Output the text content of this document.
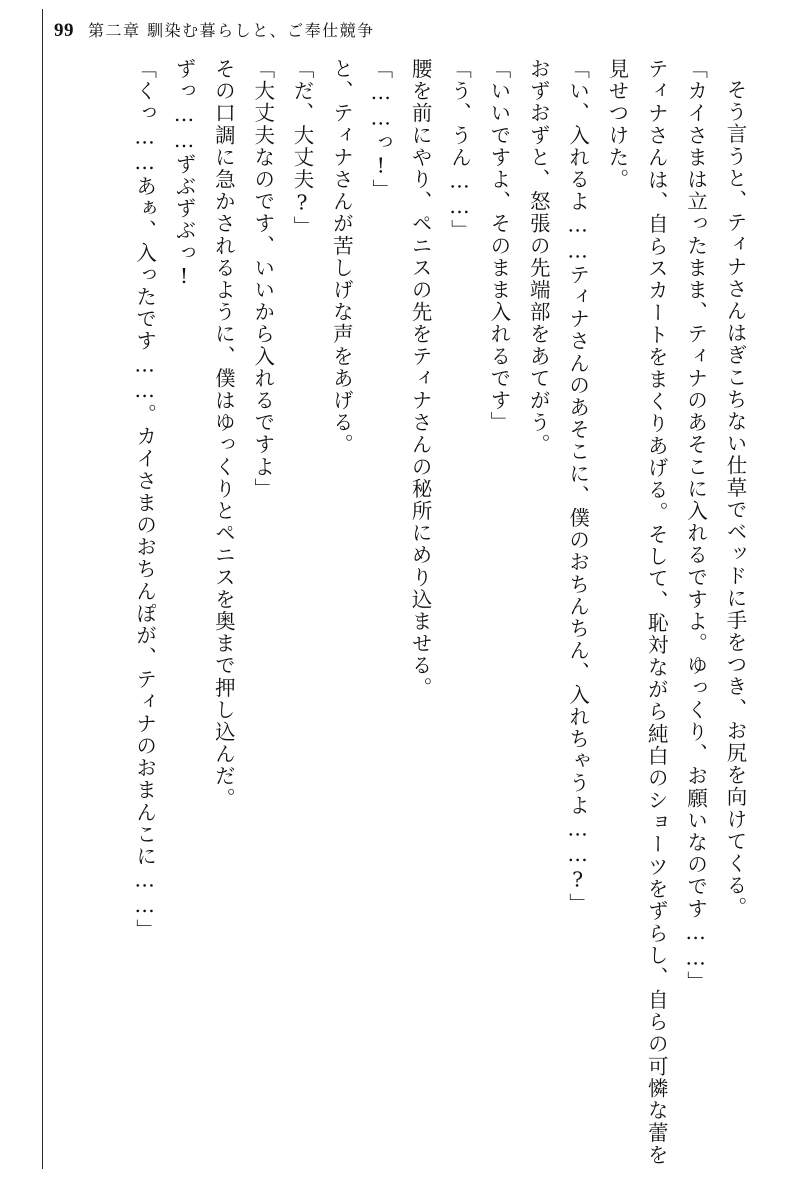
99 第二章 馴染む暮らしと、ご奉仕競争

そう言うと、ティナさんはぎこちない仕草でベッドに手をつき、お尻を向けてくる。

「カイさまは立ったまま、ティナのあそこに入れるですよ。ゆっくり、お願いなのです……」

ティナさんは、自らスカートをまくりあげる。そして、恥対ながら純白のショーツをずらし、自らの可憐な蕾を見せつけた。

「い、入れるよ……ティナさんのあそこに、僕のおちんちん、入れちゃうよ……?」

おずおずと、怒張の先端部をあてがう。

「いいですよ、そのまま入れるです」

「う、うん……」

腰を前にやり、ペニスの先をティナさんの秘所にめり込ませる。

「……っ!」

と、ティナさんが苦しげな声をあげる。

「だ、大丈夫?」

「大丈夫なのです、いいから入れるですよ」

その口調に急かされるように、僕はゆっくりとペニスを奥まで押し込んだ。

ずっ……ずぶずぶっ!

「くっ……あぁ、入ったです……。カイさまのおちんぽが、ティナのおまんこに……」
